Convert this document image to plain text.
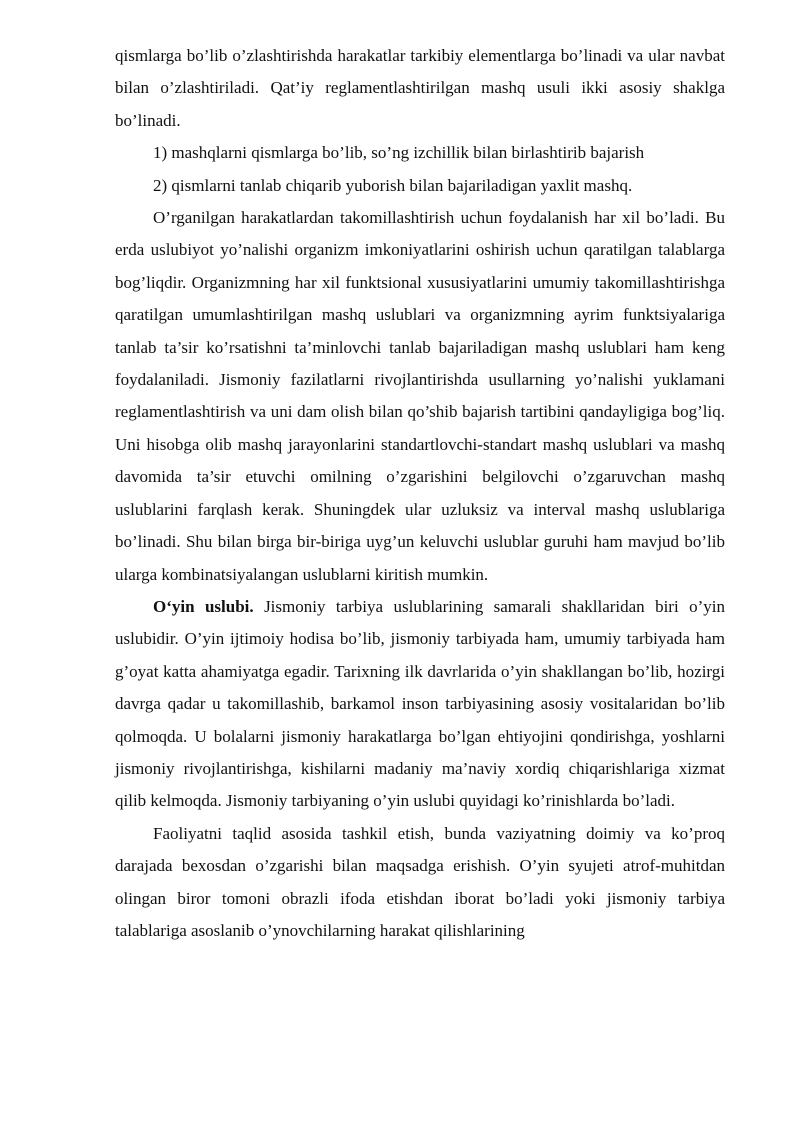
qismlarga bo’lib o’zlashtirishda harakatlar tarkibiy elementlarga bo’linadi va ular navbat bilan o’zlashtiriladi. Qat’iy reglamentlashtirilgan mashq usuli ikki asosiy shaklga bo’linadi.

1) mashqlarni qismlarga bo’lib, so’ng izchillik bilan birlashtirib bajarish

2) qismlarni tanlab chiqarib yuborish bilan bajariladigan yaxlit mashq.

O’rganilgan harakatlardan takomillashtirish uchun foydalanish har xil bo’ladi. Bu erda uslubiyot yo’nalishi organizm imkoniyatlarini oshirish uchun qaratilgan talablarga bog’liqdir. Organizmning har xil funktsional xususiyatlarini umumiy takomillashtirishga qaratilgan umumlashtirilgan mashq uslublari va organizmning ayrim funktsiyalariga tanlab ta’sir ko’rsatishni ta’minlovchi tanlab bajariladigan mashq uslublari ham keng foydalaniladi. Jismoniy fazilatlarni rivojlantirishda usullarning yo’nalishi yuklamani reglamentlashtirish va uni dam olish bilan qo’shib bajarish tartibini qandayligiga bog’liq. Uni hisobga olib mashq jarayonlarini standartlovchi-standart mashq uslublari va mashq davomida ta’sir etuvchi omilning o’zgarishini belgilovchi o’zgaruvchan mashq uslublarini farqlash kerak. Shuningdek ular uzluksiz va interval mashq uslublariga bo’linadi. Shu bilan birga bir-biriga uyg’un keluvchi uslublar guruhi ham mavjud bo’lib ularga kombinatsiyalangan uslublarni kiritish mumkin.

O‘yin uslubi. Jismoniy tarbiya uslublarining samarali shakllaridan biri o’yin uslubidir. O’yin ijtimoiy hodisa bo’lib, jismoniy tarbiyada ham, umumiy tarbiyada ham g’oyat katta ahamiyatga egadir. Tarixning ilk davrlarida o’yin shakllangan bo’lib, hozirgi davrga qadar u takomillashib, barkamol inson tarbiyasining asosiy vositalaridan bo’lib qolmoqda. U bolalarni jismoniy harakatlarga bo’lgan ehtiyojini qondirishga, yoshlarni jismoniy rivojlantirishga, kishilarni madaniy ma’naviy xordiq chiqarishlariga xizmat qilib kelmoqda. Jismoniy tarbiyaning o’yin uslubi quyidagi ko’rinishlarda bo’ladi.

Faoliyatni taqlid asosida tashkil etish, bunda vaziyatning doimiy va ko’proq darajada bexosdan o’zgarishi bilan maqsadga erishish. O’yin syujeti atrof-muhitdan olingan biror tomoni obrazli ifoda etishdan iborat bo’ladi yoki jismoniy tarbiya talablariga asoslanib o’ynovchilarning harakat qilishlarining
